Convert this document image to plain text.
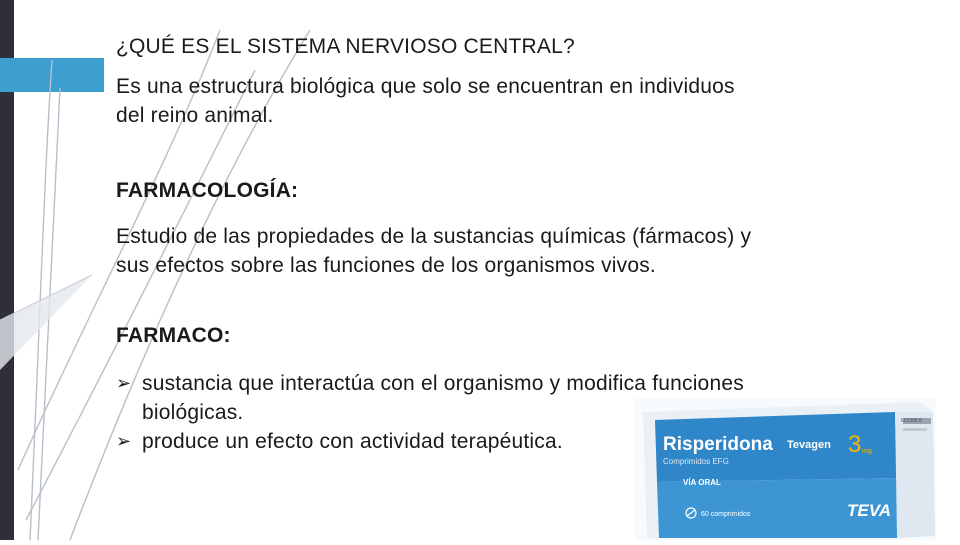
¿QUÉ ES EL SISTEMA NERVIOSO CENTRAL?
Es una estructura biológica que solo se encuentran en individuos
del reino animal.
FARMACOLOGÍA:
Estudio de las propiedades de la sustancias químicas (fármacos) y
sus efectos sobre las funciones de los organismos vivos.
FARMACO:
➢ sustancia que interactúa con el organismo y modifica funciones
biológicas.
➢ produce un efecto con actividad terapéutica.	Risperidona Tevagen 3 mg
Comprimidos EFG
VÍA ORAL
60 comprimidos	TEVA
653388.8
